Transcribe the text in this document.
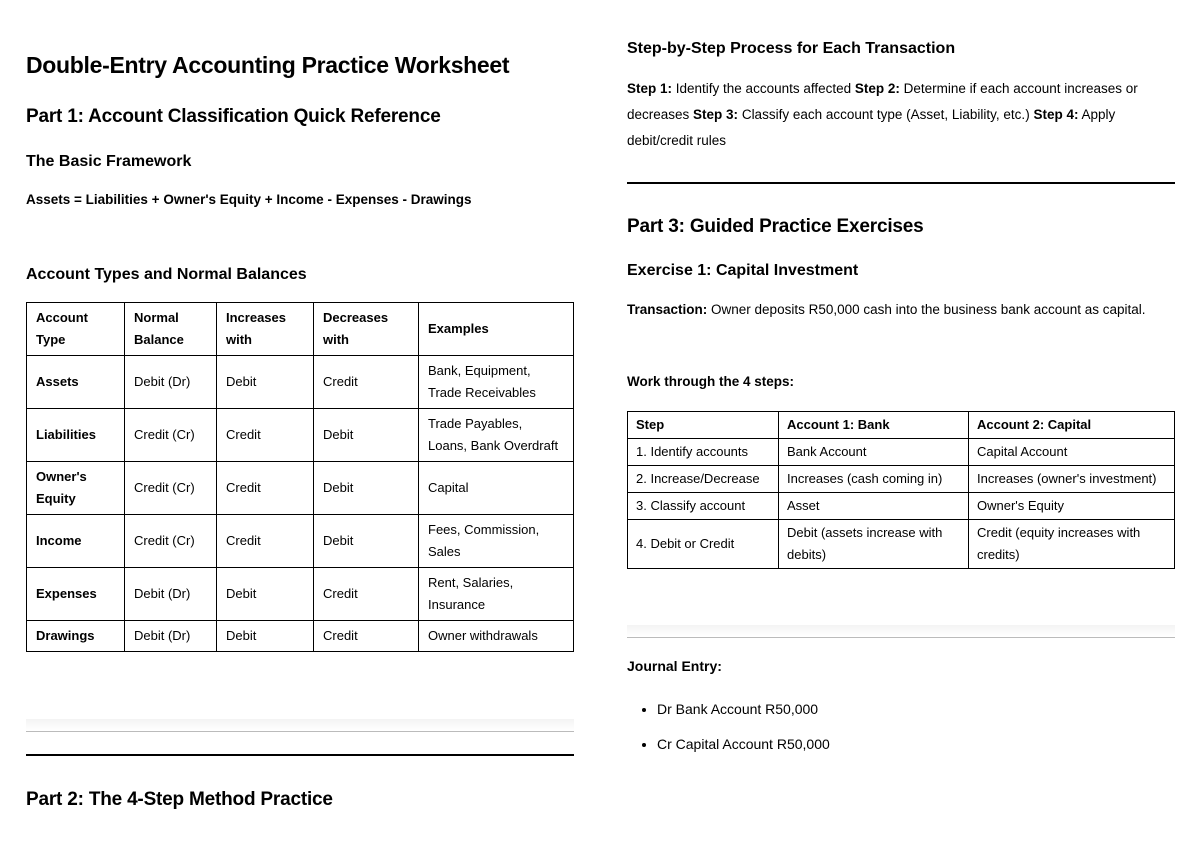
Double-Entry Accounting Practice Worksheet
Part 1: Account Classification Quick Reference
The Basic Framework

Assets = Liabilities + Owner's Equity + Income - Expenses - Drawings

Account Types and Normal Balances
Account Type	Normal Balance	Increases with	Decreases with	Examples
Assets	Debit (Dr)	Debit	Credit	Bank, Equipment, Trade Receivables
Liabilities	Credit (Cr)	Credit	Debit	Trade Payables, Loans, Bank Overdraft
Owner's Equity	Credit (Cr)	Credit	Debit	Capital
Income	Credit (Cr)	Credit	Debit	Fees, Commission, Sales
Expenses	Debit (Dr)	Debit	Credit	Rent, Salaries, Insurance
Drawings	Debit (Dr)	Debit	Credit	Owner withdrawals
Part 2: The 4-Step Method Practice
Step-by-Step Process for Each Transaction

Step 1: Identify the accounts affected Step 2: Determine if each account increases or decreases Step 3: Classify each account type (Asset, Liability, etc.) Step 4: Apply debit/credit rules

Part 3: Guided Practice Exercises
Exercise 1: Capital Investment

Transaction: Owner deposits R50,000 cash into the business bank account as capital.

Work through the 4 steps:

Step	Account 1: Bank	Account 2: Capital
1. Identify accounts	Bank Account	Capital Account
2. Increase/Decrease	Increases (cash coming in)	Increases (owner's investment)
3. Classify account	Asset	Owner's Equity
4. Debit or Credit	Debit (assets increase with debits)	Credit (equity increases with credits)
Journal Entry:
• Dr Bank Account R50,000
• Cr Capital Account R50,000
